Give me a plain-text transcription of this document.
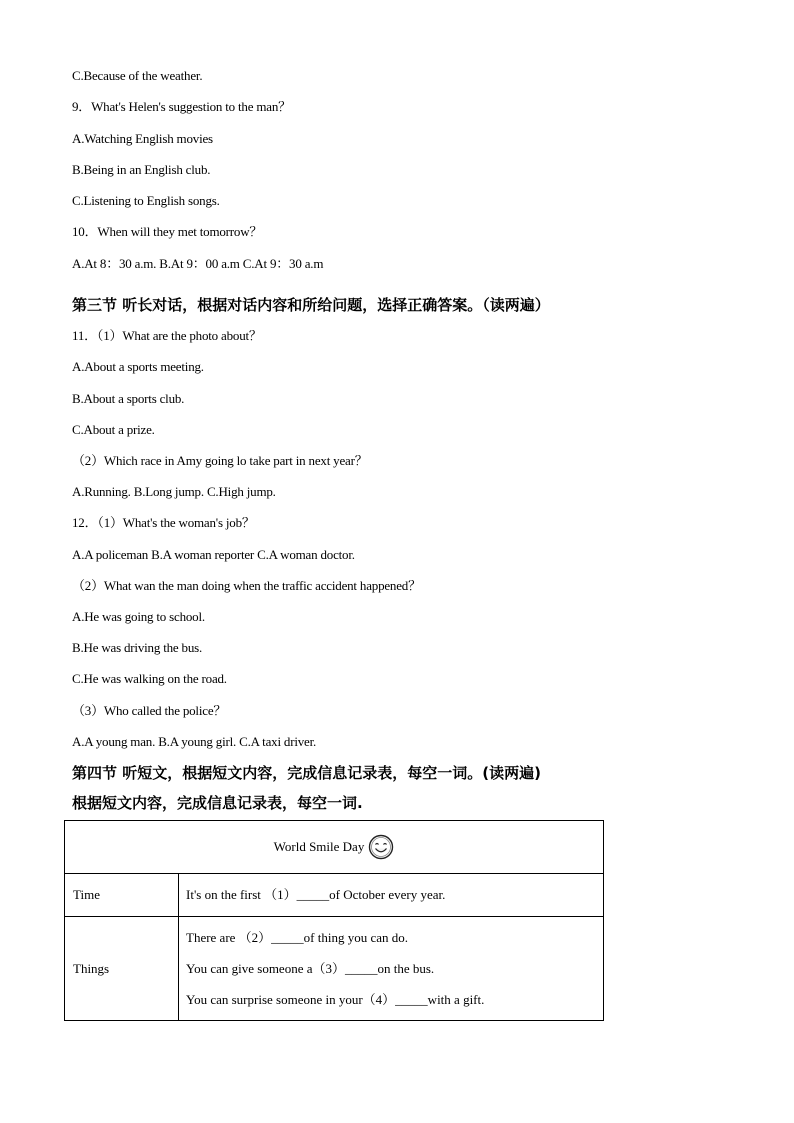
C.Because of the weather.
9．What's Helen's suggestion to the man？
A.Watching English movies
B.Being in an English club.
C.Listening to English songs.
10．When will they met tomorrow？
A.At 8：30 a.m. B.At 9：00 a.m C.At 9：30 a.m
第三节 听长对话，根据对话内容和所给问题，选择正确答案。（读两遍）
11．（1）What are the photo about？
A.About a sports meeting.
B.About a sports club.
C.About a prize.
（2）Which race in Amy going lo take part in next year？
A.Running. B.Long jump. C.High jump.
12．（1）What's the woman's job？
A.A policeman B.A woman reporter C.A woman doctor.
（2）What wan the man doing when the traffic accident happened？
A.He was going to school.
B.He was driving the bus.
C.He was walking on the road.
（3）Who called the police？
A.A young man. B.A young girl. C.A taxi driver.
第四节 听短文，根据短文内容，完成信息记录表，每空一词。(读两遍)
根据短文内容，完成信息记录表，每空一词.
World Smile Day	

Time	It's on the first （1）_____of October every year.

Things	There are （2）_____of thing you can do.

You can give someone a（3）_____on the bus.

You can surprise someone in your（4）_____with a gift.
